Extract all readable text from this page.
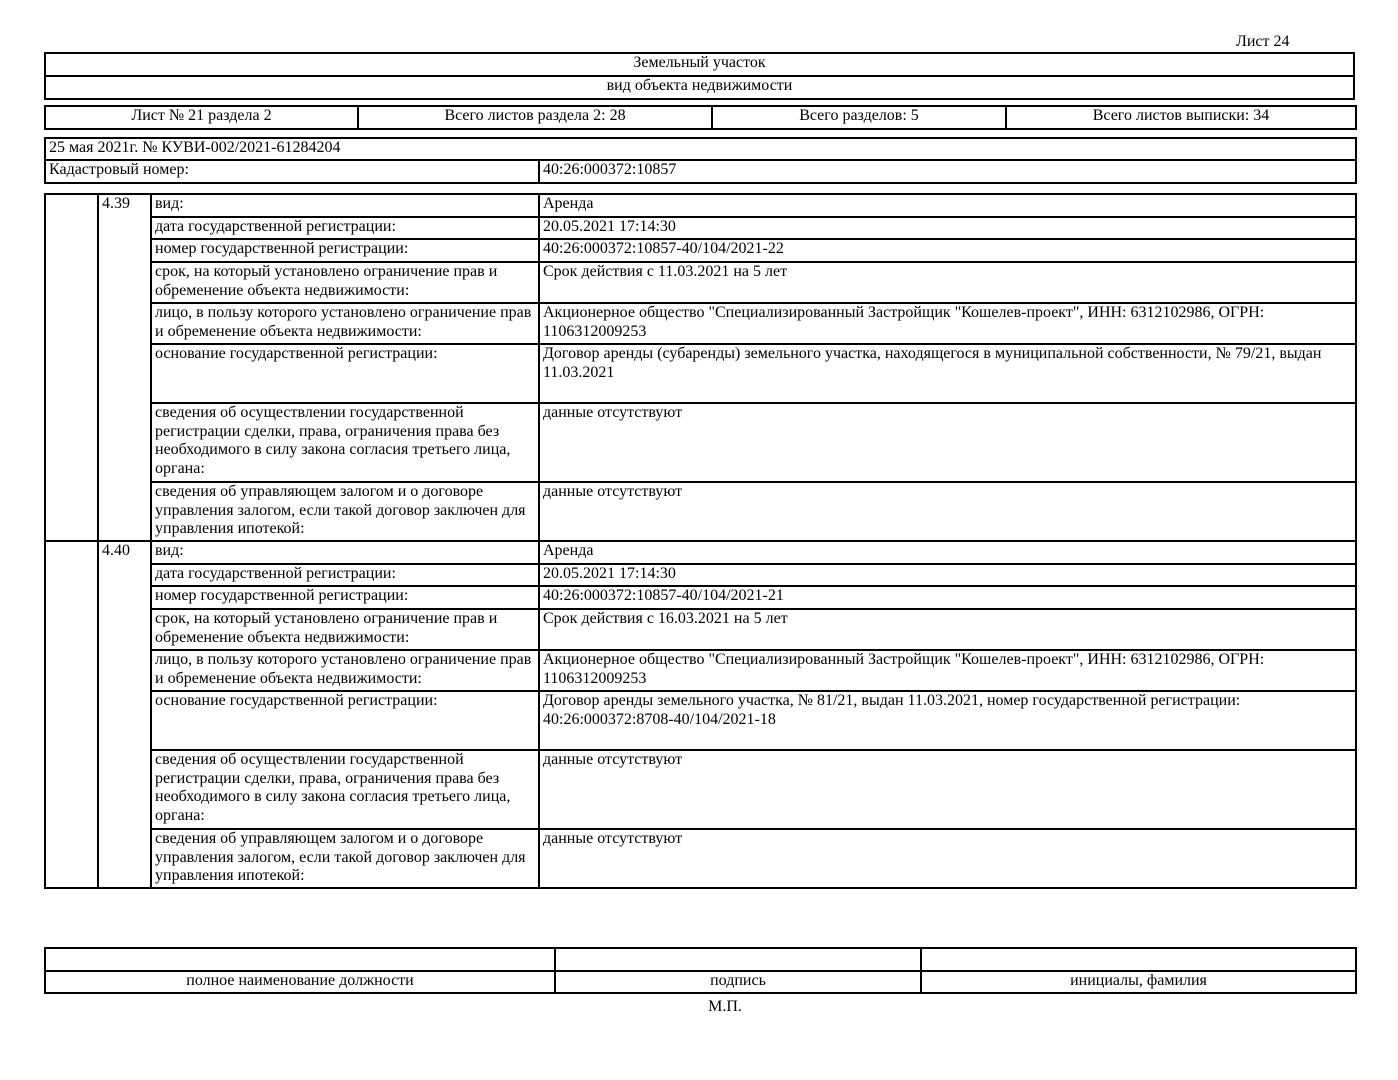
Лист 24
Земельный участок
вид объекта недвижимости
Лист № 21 раздела 2	Всего листов раздела 2: 28	Всего разделов: 5	Всего листов выписки: 34
25 мая 2021г. № КУВИ-002/2021-61284204
Кадастровый номер:	40:26:000372:10857
	4.39	вид:	Аренда
		дата государственной регистрации:	20.05.2021 17:14:30
		номер государственной регистрации:	40:26:000372:10857-40/104/2021-22
		срок, на который установлено ограничение прав и обременение объекта недвижимости:	Срок действия с 11.03.2021 на 5 лет
		лицо, в пользу которого установлено ограничение прав и обременение объекта недвижимости:	Акционерное общество "Специализированный Застройщик "Кошелев-проект", ИНН: 6312102986, ОГРН: 1106312009253
		основание государственной регистрации:	Договор аренды (субаренды) земельного участка, находящегося в муниципальной собственности, № 79/21, выдан 11.03.2021
		сведения об осуществлении государственной регистрации сделки, права, ограничения права без необходимого в силу закона согласия третьего лица, органа:	данные отсутствуют
		сведения об управляющем залогом и о договоре управления залогом, если такой договор заключен для управления ипотекой:	данные отсутствуют
	4.40	вид:	Аренда
		дата государственной регистрации:	20.05.2021 17:14:30
		номер государственной регистрации:	40:26:000372:10857-40/104/2021-21
		срок, на который установлено ограничение прав и обременение объекта недвижимости:	Срок действия с 16.03.2021 на 5 лет
		лицо, в пользу которого установлено ограничение прав и обременение объекта недвижимости:	Акционерное общество "Специализированный Застройщик "Кошелев-проект", ИНН: 6312102986, ОГРН: 1106312009253
		основание государственной регистрации:	Договор аренды земельного участка, № 81/21, выдан 11.03.2021, номер государственной регистрации: 40:26:000372:8708-40/104/2021-18
		сведения об осуществлении государственной регистрации сделки, права, ограничения права без необходимого в силу закона согласия третьего лица, органа:	данные отсутствуют
		сведения об управляющем залогом и о договоре управления залогом, если такой договор заключен для управления ипотекой:	данные отсутствуют

полное наименование должности	подпись	инициалы, фамилия
М.П.
